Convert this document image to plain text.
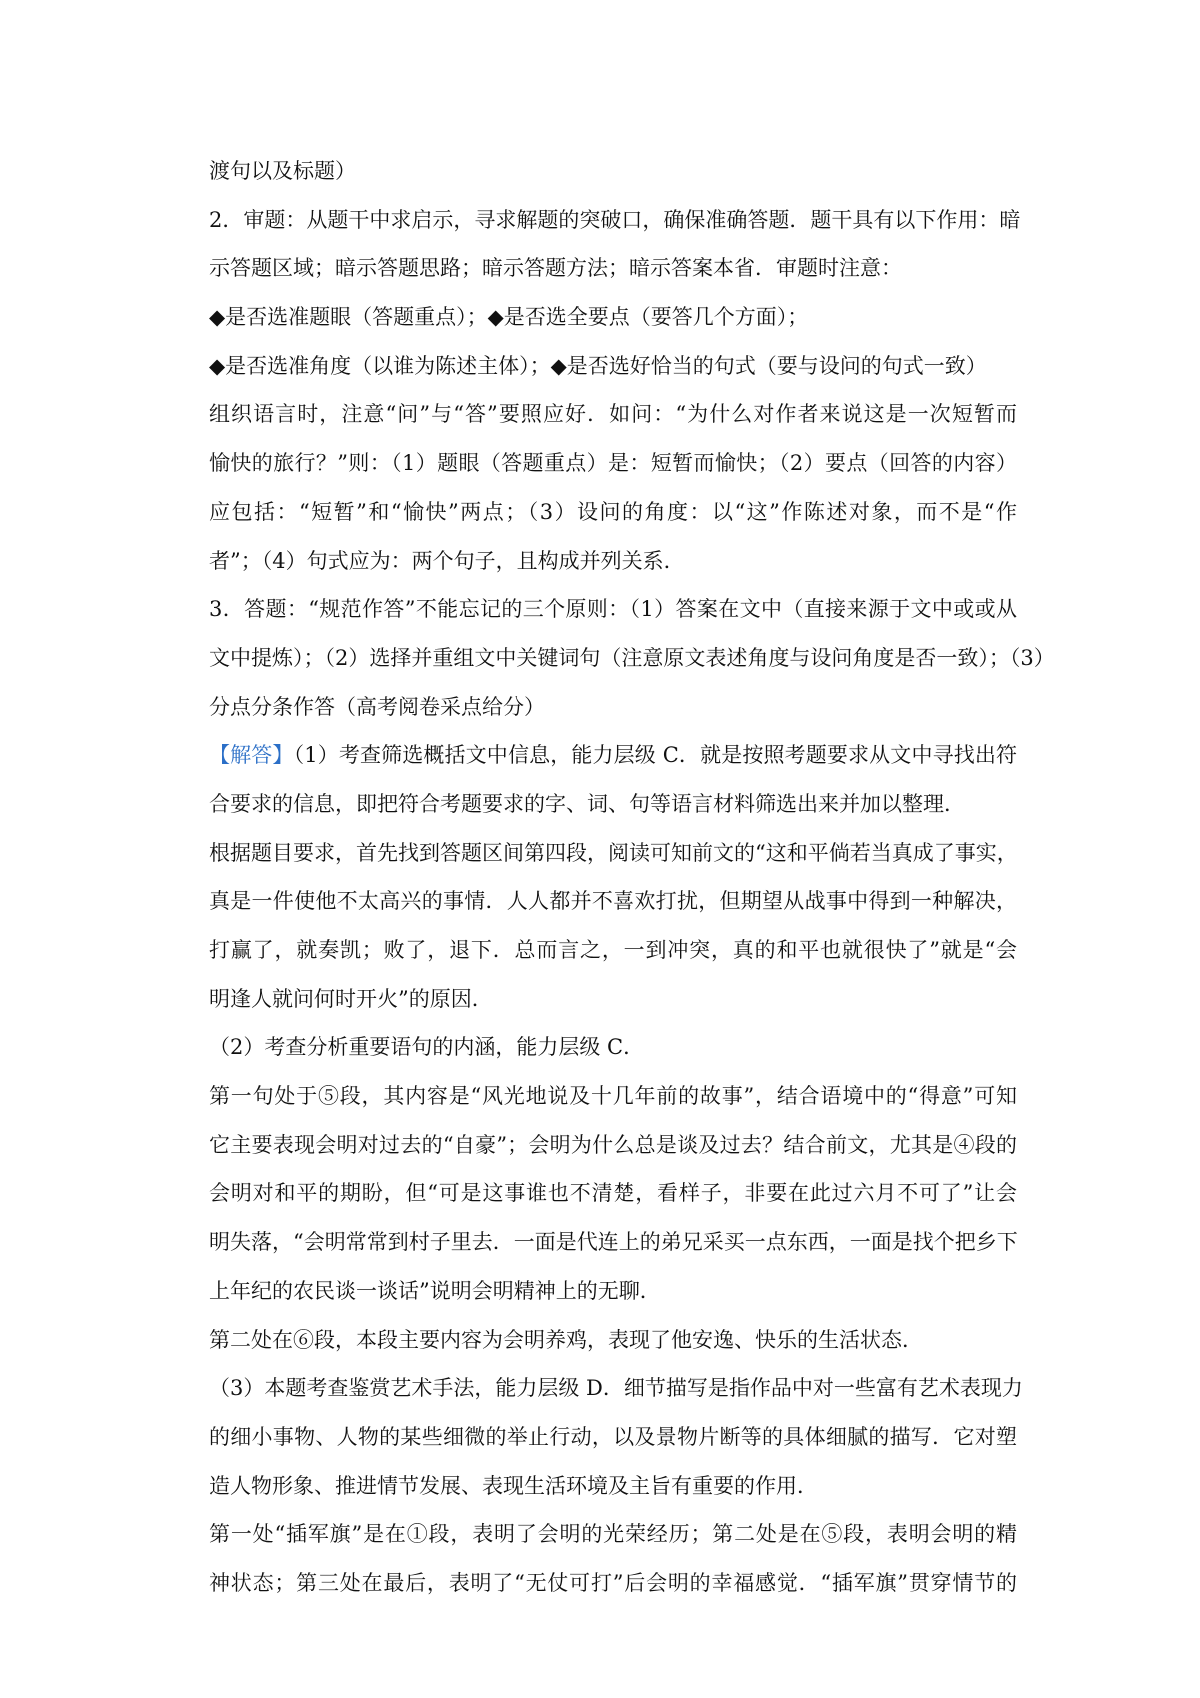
渡句以及标题）
2．审题：从题干中求启示，寻求解题的突破口，确保准确答题．题干具有以下作用：暗
示答题区域；暗示答题思路；暗示答题方法；暗示答案本省．审题时注意：
◆是否选准题眼（答题重点）；◆是否选全要点（要答几个方面）；
◆是否选准角度（以谁为陈述主体）；◆是否选好恰当的句式（要与设问的句式一致）
组织语言时，注意“问”与“答”要照应好．如问：“为什么对作者来说这是一次短暂而
愉快的旅行？”则：（1）题眼（答题重点）是：短暂而愉快；（2）要点（回答的内容）
应包括：“短暂”和“愉快”两点；（3）设问的角度：以“这”作陈述对象，而不是“作
者”；（4）句式应为：两个句子，且构成并列关系．
3．答题：“规范作答”不能忘记的三个原则：（1）答案在文中（直接来源于文中或或从
文中提炼）；（2）选择并重组文中关键词句（注意原文表述角度与设问角度是否一致）；（3）
分点分条作答（高考阅卷采点给分）
【解答】（1）考查筛选概括文中信息，能力层级 C．就是按照考题要求从文中寻找出符
合要求的信息，即把符合考题要求的字、词、句等语言材料筛选出来并加以整理．
根据题目要求，首先找到答题区间第四段，阅读可知前文的“这和平倘若当真成了事实，
真是一件使他不太高兴的事情．人人都并不喜欢打扰，但期望从战事中得到一种解决，
打赢了，就奏凯；败了，退下．总而言之，一到冲突，真的和平也就很快了”就是“会
明逢人就问何时开火”的原因．
（2）考查分析重要语句的内涵，能力层级 C．
第一句处于⑤段，其内容是“风光地说及十几年前的故事”，结合语境中的“得意”可知
它主要表现会明对过去的“自豪”；会明为什么总是谈及过去？结合前文，尤其是④段的
会明对和平的期盼，但“可是这事谁也不清楚，看样子，非要在此过六月不可了”让会
明失落，“会明常常到村子里去．一面是代连上的弟兄采买一点东西，一面是找个把乡下
上年纪的农民谈一谈话”说明会明精神上的无聊．
第二处在⑥段，本段主要内容为会明养鸡，表现了他安逸、快乐的生活状态．
（3）本题考查鉴赏艺术手法，能力层级 D．细节描写是指作品中对一些富有艺术表现力
的细小事物、人物的某些细微的举止行动，以及景物片断等的具体细腻的描写．它对塑
造人物形象、推进情节发展、表现生活环境及主旨有重要的作用．
第一处“插军旗”是在①段，表明了会明的光荣经历；第二处是在⑤段，表明会明的精
神状态；第三处在最后，表明了“无仗可打”后会明的幸福感觉．“插军旗”贯穿情节的
